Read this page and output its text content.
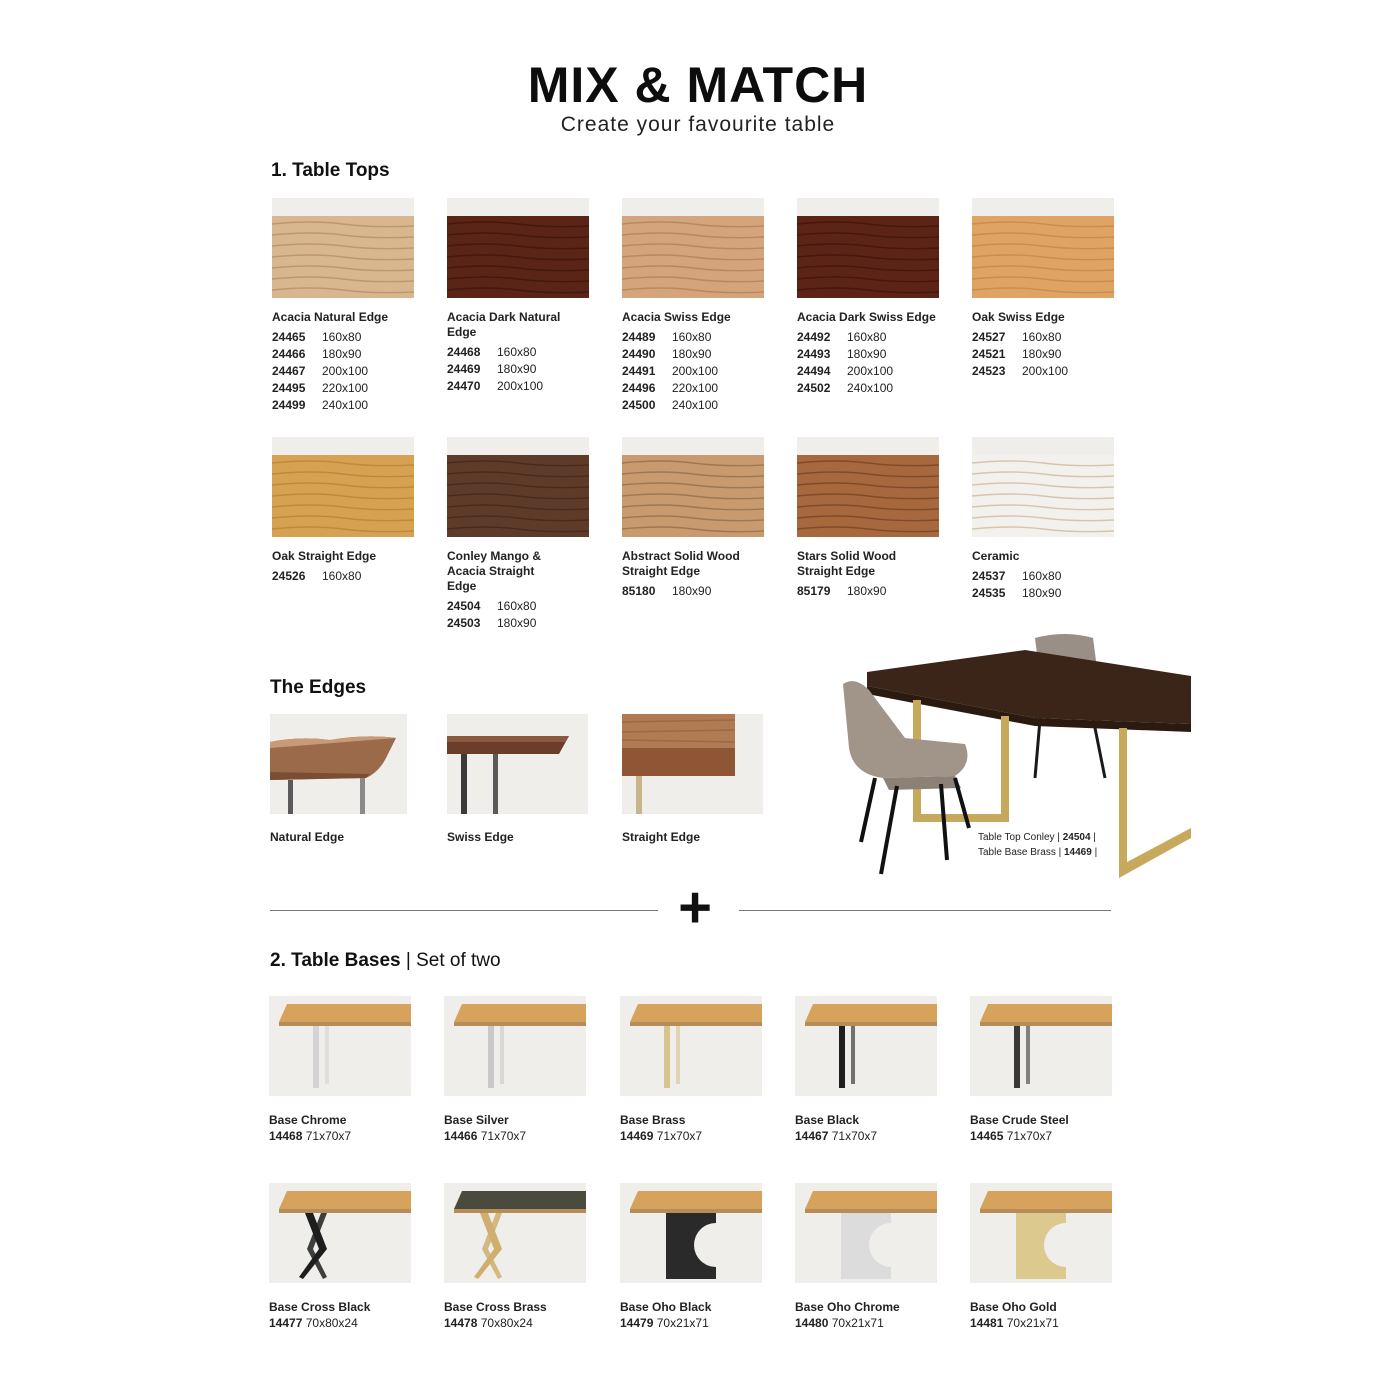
MIX & MATCH
Create your favourite table
1. Table Tops
Acacia Natural Edge
24465 160x80
24466 180x90
24467 200x100
24495 220x100
24499 240x100
Acacia Dark Natural Edge
24468 160x80
24469 180x90
24470 200x100
Acacia Swiss Edge
24489 160x80
24490 180x90
24491 200x100
24496 220x100
24500 240x100
Acacia Dark Swiss Edge
24492 160x80
24493 180x90
24494 200x100
24502 240x100
Oak Swiss Edge
24527 160x80
24521 180x90
24523 200x100
Oak Straight Edge
24526 160x80
Conley Mango & Acacia Straight Edge
24504 160x80
24503 180x90
Abstract Solid Wood Straight Edge
85180 180x90
Stars Solid Wood Straight Edge
85179 180x90
Ceramic
24537 160x80
24535 180x90
The Edges
Natural Edge	Swiss Edge	Straight Edge	Table Top Conley | 24504 |
Table Base Brass | 14469 |
+
2. Table Bases | Set of two
Base Chrome
14468 71x70x7
Base Silver
14466 71x70x7
Base Brass
14469 71x70x7
Base Black
14467 71x70x7
Base Crude Steel
14465 71x70x7
Base Cross Black
14477 70x80x24
Base Cross Brass
14478 70x80x24
Base Oho Black
14479 70x21x71
Base Oho Chrome
14480 70x21x71
Base Oho Gold
14481 70x21x71
